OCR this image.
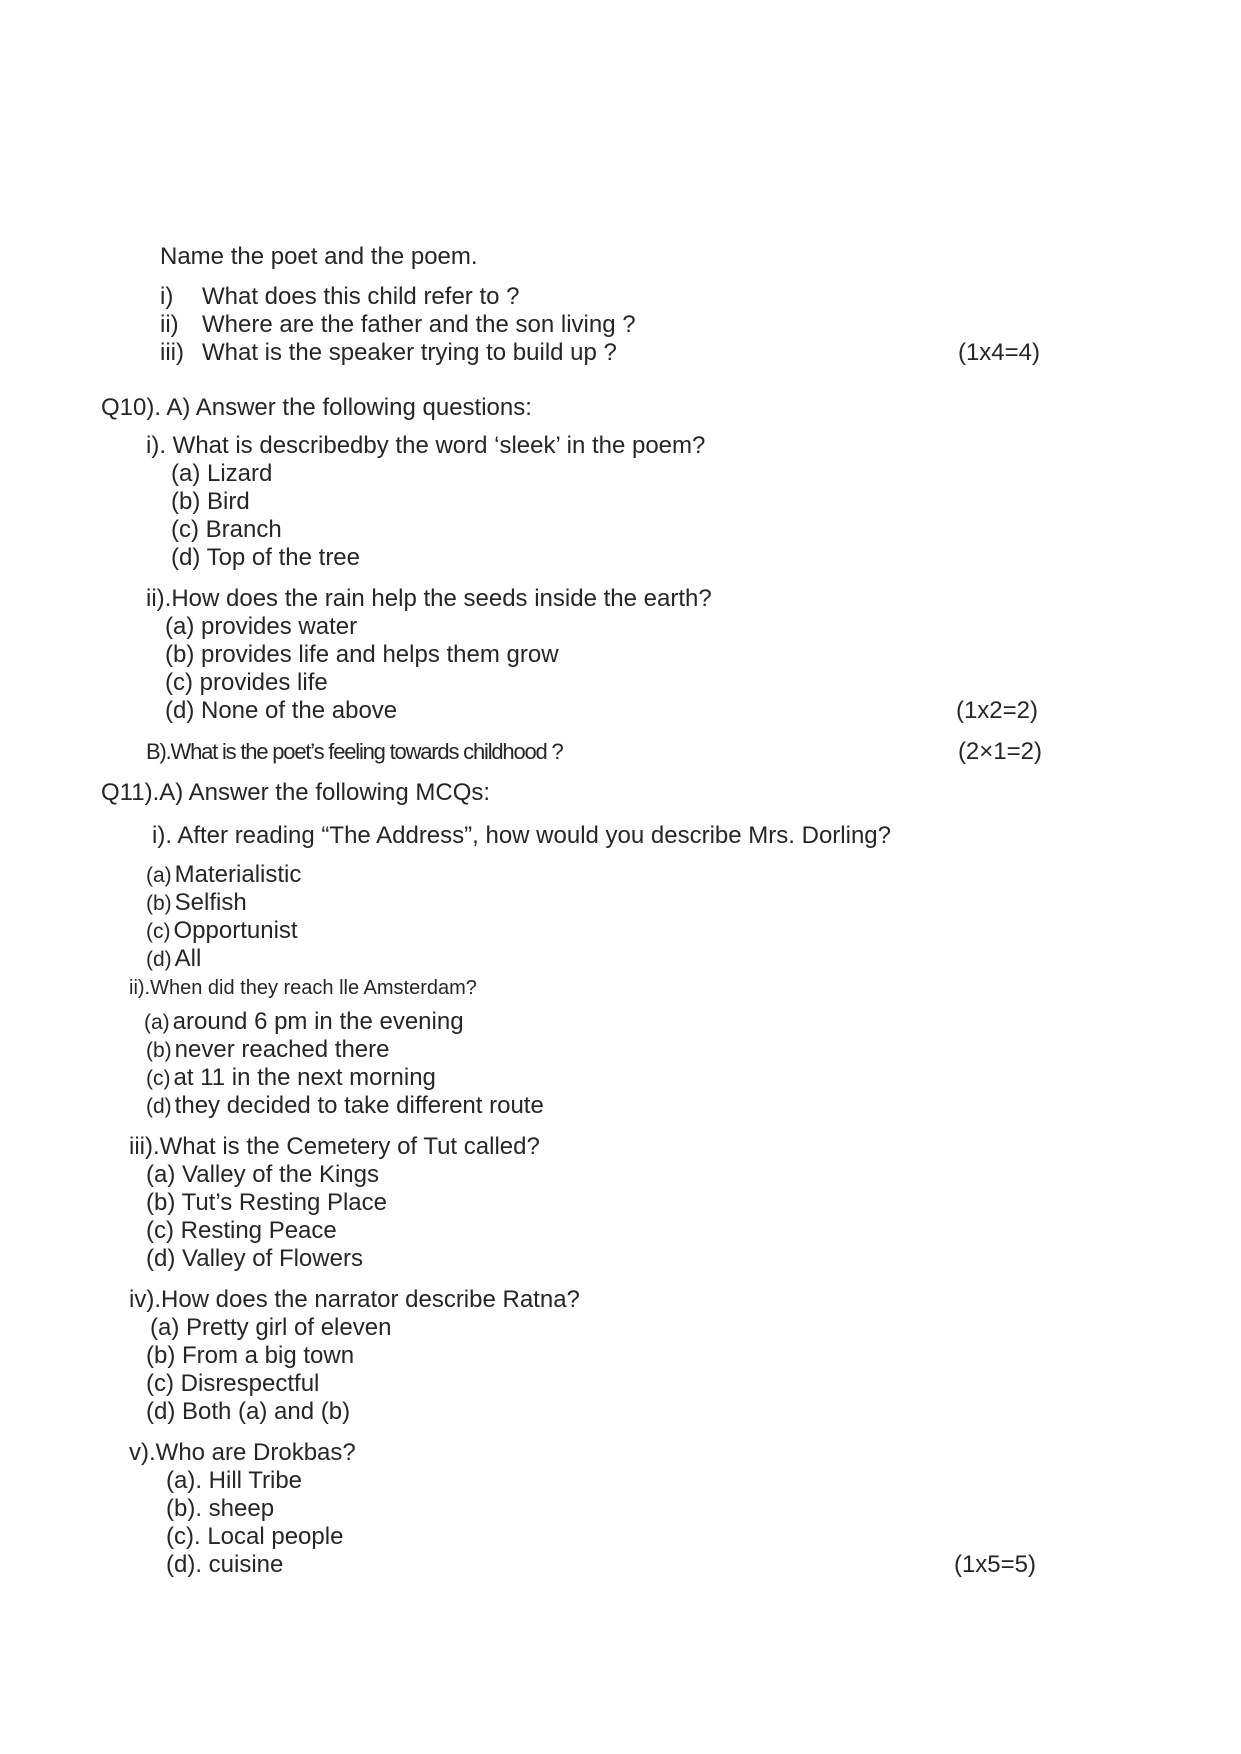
Name the poet and the poem.
i) What does this child refer to ?
ii) Where are the father and the son living ?
iii) What is the speaker trying to build up ?	(1x4=4)
Q10). A) Answer the following questions:
i). What is describedby the word ‘sleek’ in the poem?
(a) Lizard
(b) Bird
(c) Branch
(d) Top of the tree
ii).How does the rain help the seeds inside the earth?
(a) provides water
(b) provides life and helps them grow
(c) provides life
(d) None of the above	(1x2=2)
B).What is the poet’s feeling towards childhood ?	(2×1=2)
Q11).A) Answer the following MCQs:
i). After reading “The Address”, how would you describe Mrs. Dorling?
(a) Materialistic
(b) Selfish
(c) Opportunist
(d) All
ii).When did they reach lle Amsterdam?
(a) around 6 pm in the evening
(b) never reached there
(c) at 11 in the next morning
(d) they decided to take different route
iii).What is the Cemetery of Tut called?
(a) Valley of the Kings
(b) Tut’s Resting Place
(c) Resting Peace
(d) Valley of Flowers
iv).How does the narrator describe Ratna?
(a) Pretty girl of eleven
(b) From a big town
(c) Disrespectful
(d) Both (a) and (b)
v).Who are Drokbas?
(a). Hill Tribe
(b). sheep
(c). Local people
(d). cuisine	(1x5=5)
